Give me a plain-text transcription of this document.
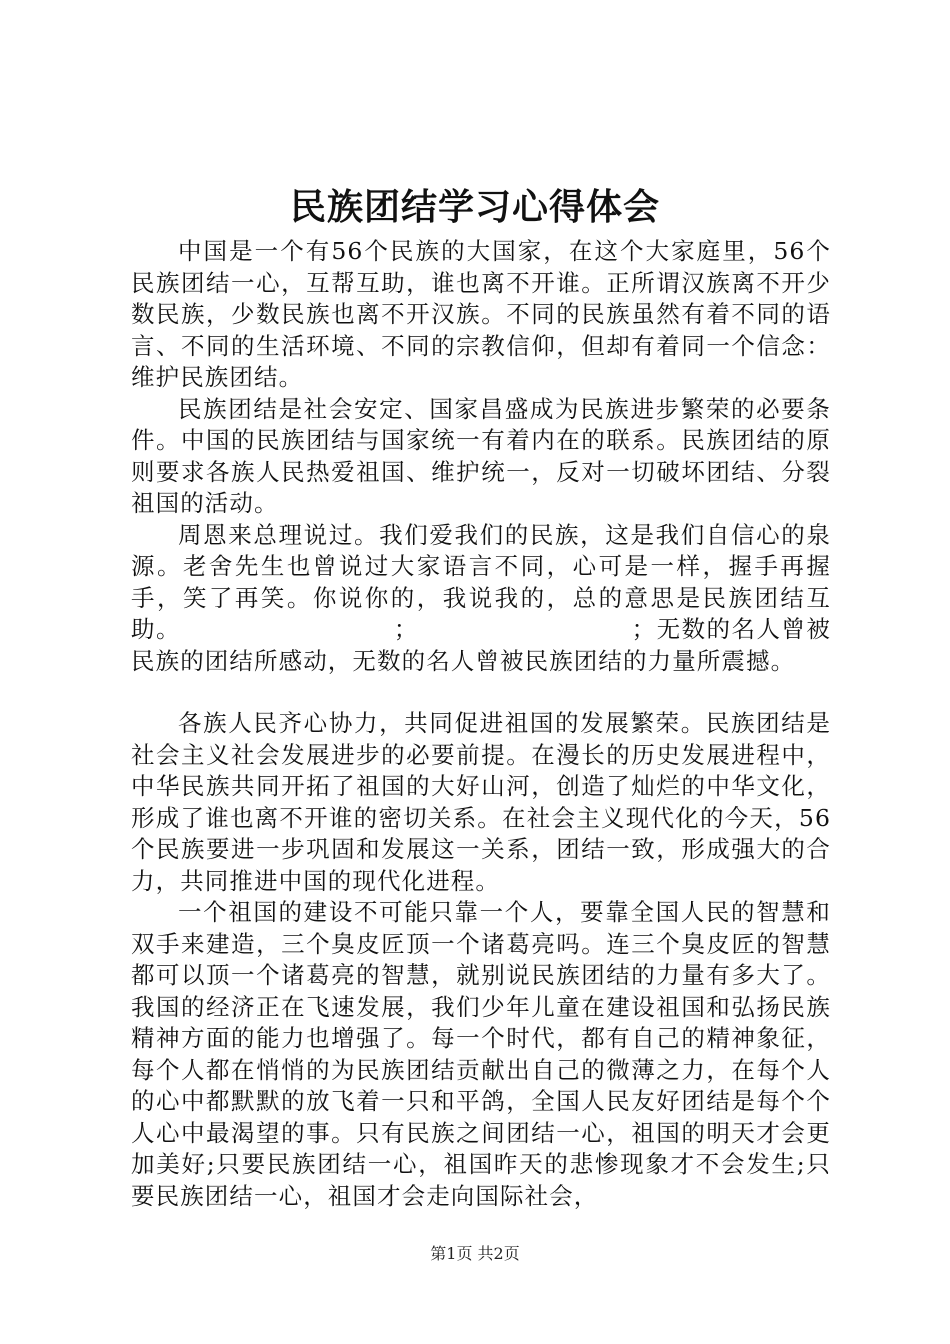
民族团结学习心得体会

中国是一个有56个民族的大国家，在这个大家庭里，56个民族团结一心，互帮互助，谁也离不开谁。正所谓汉族离不开少数民族，少数民族也离不开汉族。不同的民族虽然有着不同的语言、不同的生活环境、不同的宗教信仰，但却有着同一个信念：维护民族团结。

民族团结是社会安定、国家昌盛成为民族进步繁荣的必要条件。中国的民族团结与国家统一有着内在的联系。民族团结的原则要求各族人民热爱祖国、维护统一，反对一切破坏团结、分裂祖国的活动。

周恩来总理说过。我们爱我们的民族，这是我们自信心的泉源。老舍先生也曾说过大家语言不同，心可是一样，握手再握手，笑了再笑。你说你的，我说我的，总的意思是民族团结互助。　　　　　　　　　；　　　　　　　　　；无数的名人曾被民族的团结所感动，无数的名人曾被民族团结的力量所震撼。

各族人民齐心协力，共同促进祖国的发展繁荣。民族团结是社会主义社会发展进步的必要前提。在漫长的历史发展进程中，中华民族共同开拓了祖国的大好山河，创造了灿烂的中华文化，形成了谁也离不开谁的密切关系。在社会主义现代化的今天，56个民族要进一步巩固和发展这一关系，团结一致，形成强大的合力，共同推进中国的现代化进程。

一个祖国的建设不可能只靠一个人，要靠全国人民的智慧和双手来建造，三个臭皮匠顶一个诸葛亮吗。连三个臭皮匠的智慧都可以顶一个诸葛亮的智慧，就别说民族团结的力量有多大了。我国的经济正在飞速发展，我们少年儿童在建设祖国和弘扬民族精神方面的能力也增强了。每一个时代，都有自己的精神象征，每个人都在悄悄的为民族团结贡献出自己的微薄之力，在每个人的心中都默默的放飞着一只和平鸽，全国人民友好团结是每个个人心中最渴望的事。只有民族之间团结一心，祖国的明天才会更加美好;只要民族团结一心，祖国昨天的悲惨现象才不会发生;只要民族团结一心，祖国才会走向国际社会，

第1页 共2页
